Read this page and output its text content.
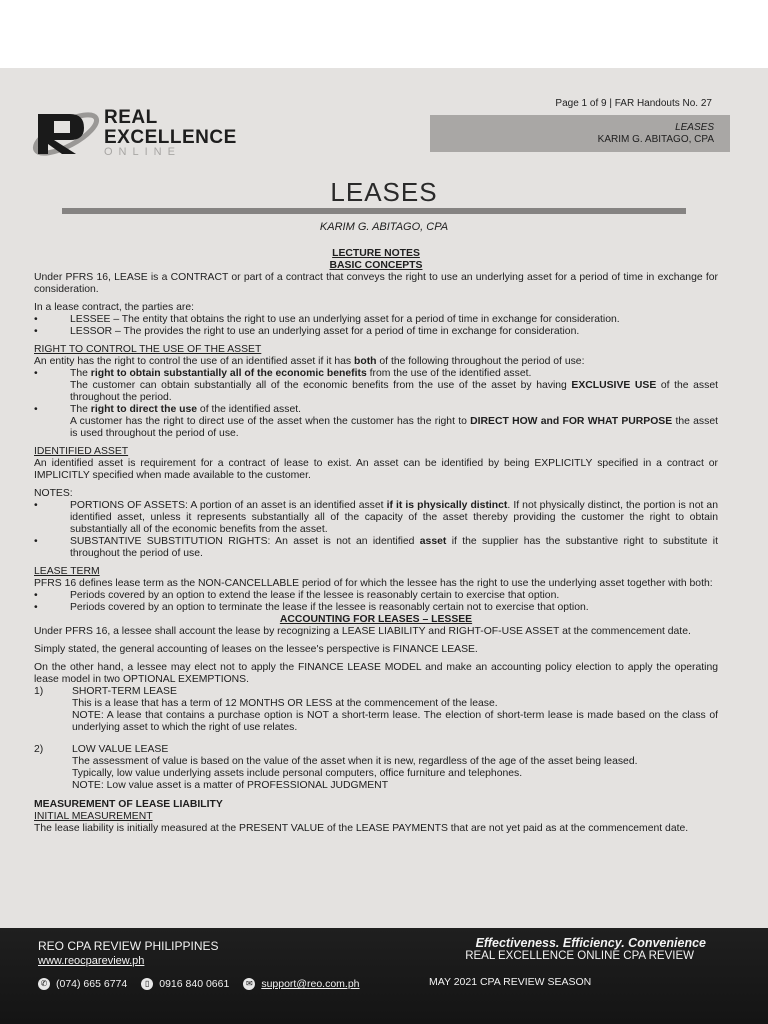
Page 1 of 9 | FAR Handouts No. 27
REAL
EXCELLENCE
ONLINE
LEASES
KARIM G. ABITAGO, CPA
LEASES
KARIM G. ABITAGO, CPA
LECTURE NOTES
BASIC CONCEPTS

Under PFRS 16, LEASE is a CONTRACT or part of a contract that conveys the right to use an underlying asset for a period of time in exchange for consideration.

In a lease contract, the parties are:
• LESSEE – The entity that obtains the right to use an underlying asset for a period of time in exchange for consideration.
• LESSOR – The provides the right to use an underlying asset for a period of time in exchange for consideration.
RIGHT TO CONTROL THE USE OF THE ASSET
An entity has the right to control the use of an identified asset if it has both of the following throughout the period of use:
• The right to obtain substantially all of the economic benefits from the use of the identified asset.
The customer can obtain substantially all of the economic benefits from the use of the asset by having EXCLUSIVE USE of the asset throughout the period.
• The right to direct the use of the identified asset.
A customer has the right to direct use of the asset when the customer has the right to DIRECT HOW and FOR WHAT PURPOSE the asset is used throughout the period of use.
IDENTIFIED ASSET

An identified asset is requirement for a contract of lease to exist. An asset can be identified by being EXPLICITLY specified in a contract or IMPLICITLY specified when made available to the customer.

NOTES:
• PORTIONS OF ASSETS: A portion of an asset is an identified asset if it is physically distinct. If not physically distinct, the portion is not an identified asset, unless it represents substantially all of the capacity of the asset thereby providing the customer the right to obtain substantially all of the economic benefits from the asset.
• SUBSTANTIVE SUBSTITUTION RIGHTS: An asset is not an identified asset if the supplier has the substantive right to substitute it throughout the period of use.
LEASE TERM
PFRS 16 defines lease term as the NON-CANCELLABLE period of for which the lessee has the right to use the underlying asset together with both:
• Periods covered by an option to extend the lease if the lessee is reasonably certain to exercise that option.
• Periods covered by an option to terminate the lease if the lessee is reasonably certain not to exercise that option.
ACCOUNTING FOR LEASES – LESSEE

Under PFRS 16, a lessee shall account the lease by recognizing a LEASE LIABILITY and RIGHT-OF-USE ASSET at the commencement date.

Simply stated, the general accounting of leases on the lessee's perspective is FINANCE LEASE.

On the other hand, a lessee may elect not to apply the FINANCE LEASE MODEL and make an accounting policy election to apply the operating lease model in two OPTIONAL EXEMPTIONS.
1)	SHORT-TERM LEASE
This is a lease that has a term of 12 MONTHS OR LESS at the commencement of the lease.
NOTE: A lease that contains a purchase option is NOT a short-term lease. The election of short-term lease is made based on the class of underlying asset to which the right of use relates.
2)	LOW VALUE LEASE
The assessment of value is based on the value of the asset when it is new, regardless of the age of the asset being leased.
Typically, low value underlying assets include personal computers, office furniture and telephones.
NOTE: Low value asset is a matter of PROFESSIONAL JUDGMENT
MEASUREMENT OF LEASE LIABILITY
INITIAL MEASUREMENT
The lease liability is initially measured at the PRESENT VALUE of the LEASE PAYMENTS that are not yet paid as at the commencement date.
REO CPA REVIEW PHILIPPINES
www.reocpareview.ph
✆ (074) 665 6774	▯ 0916 840 0661	✉ support@reo.com.ph
Effectiveness. Efficiency. Convenience
REAL EXCELLENCE ONLINE CPA REVIEW
MAY 2021 CPA REVIEW SEASON
